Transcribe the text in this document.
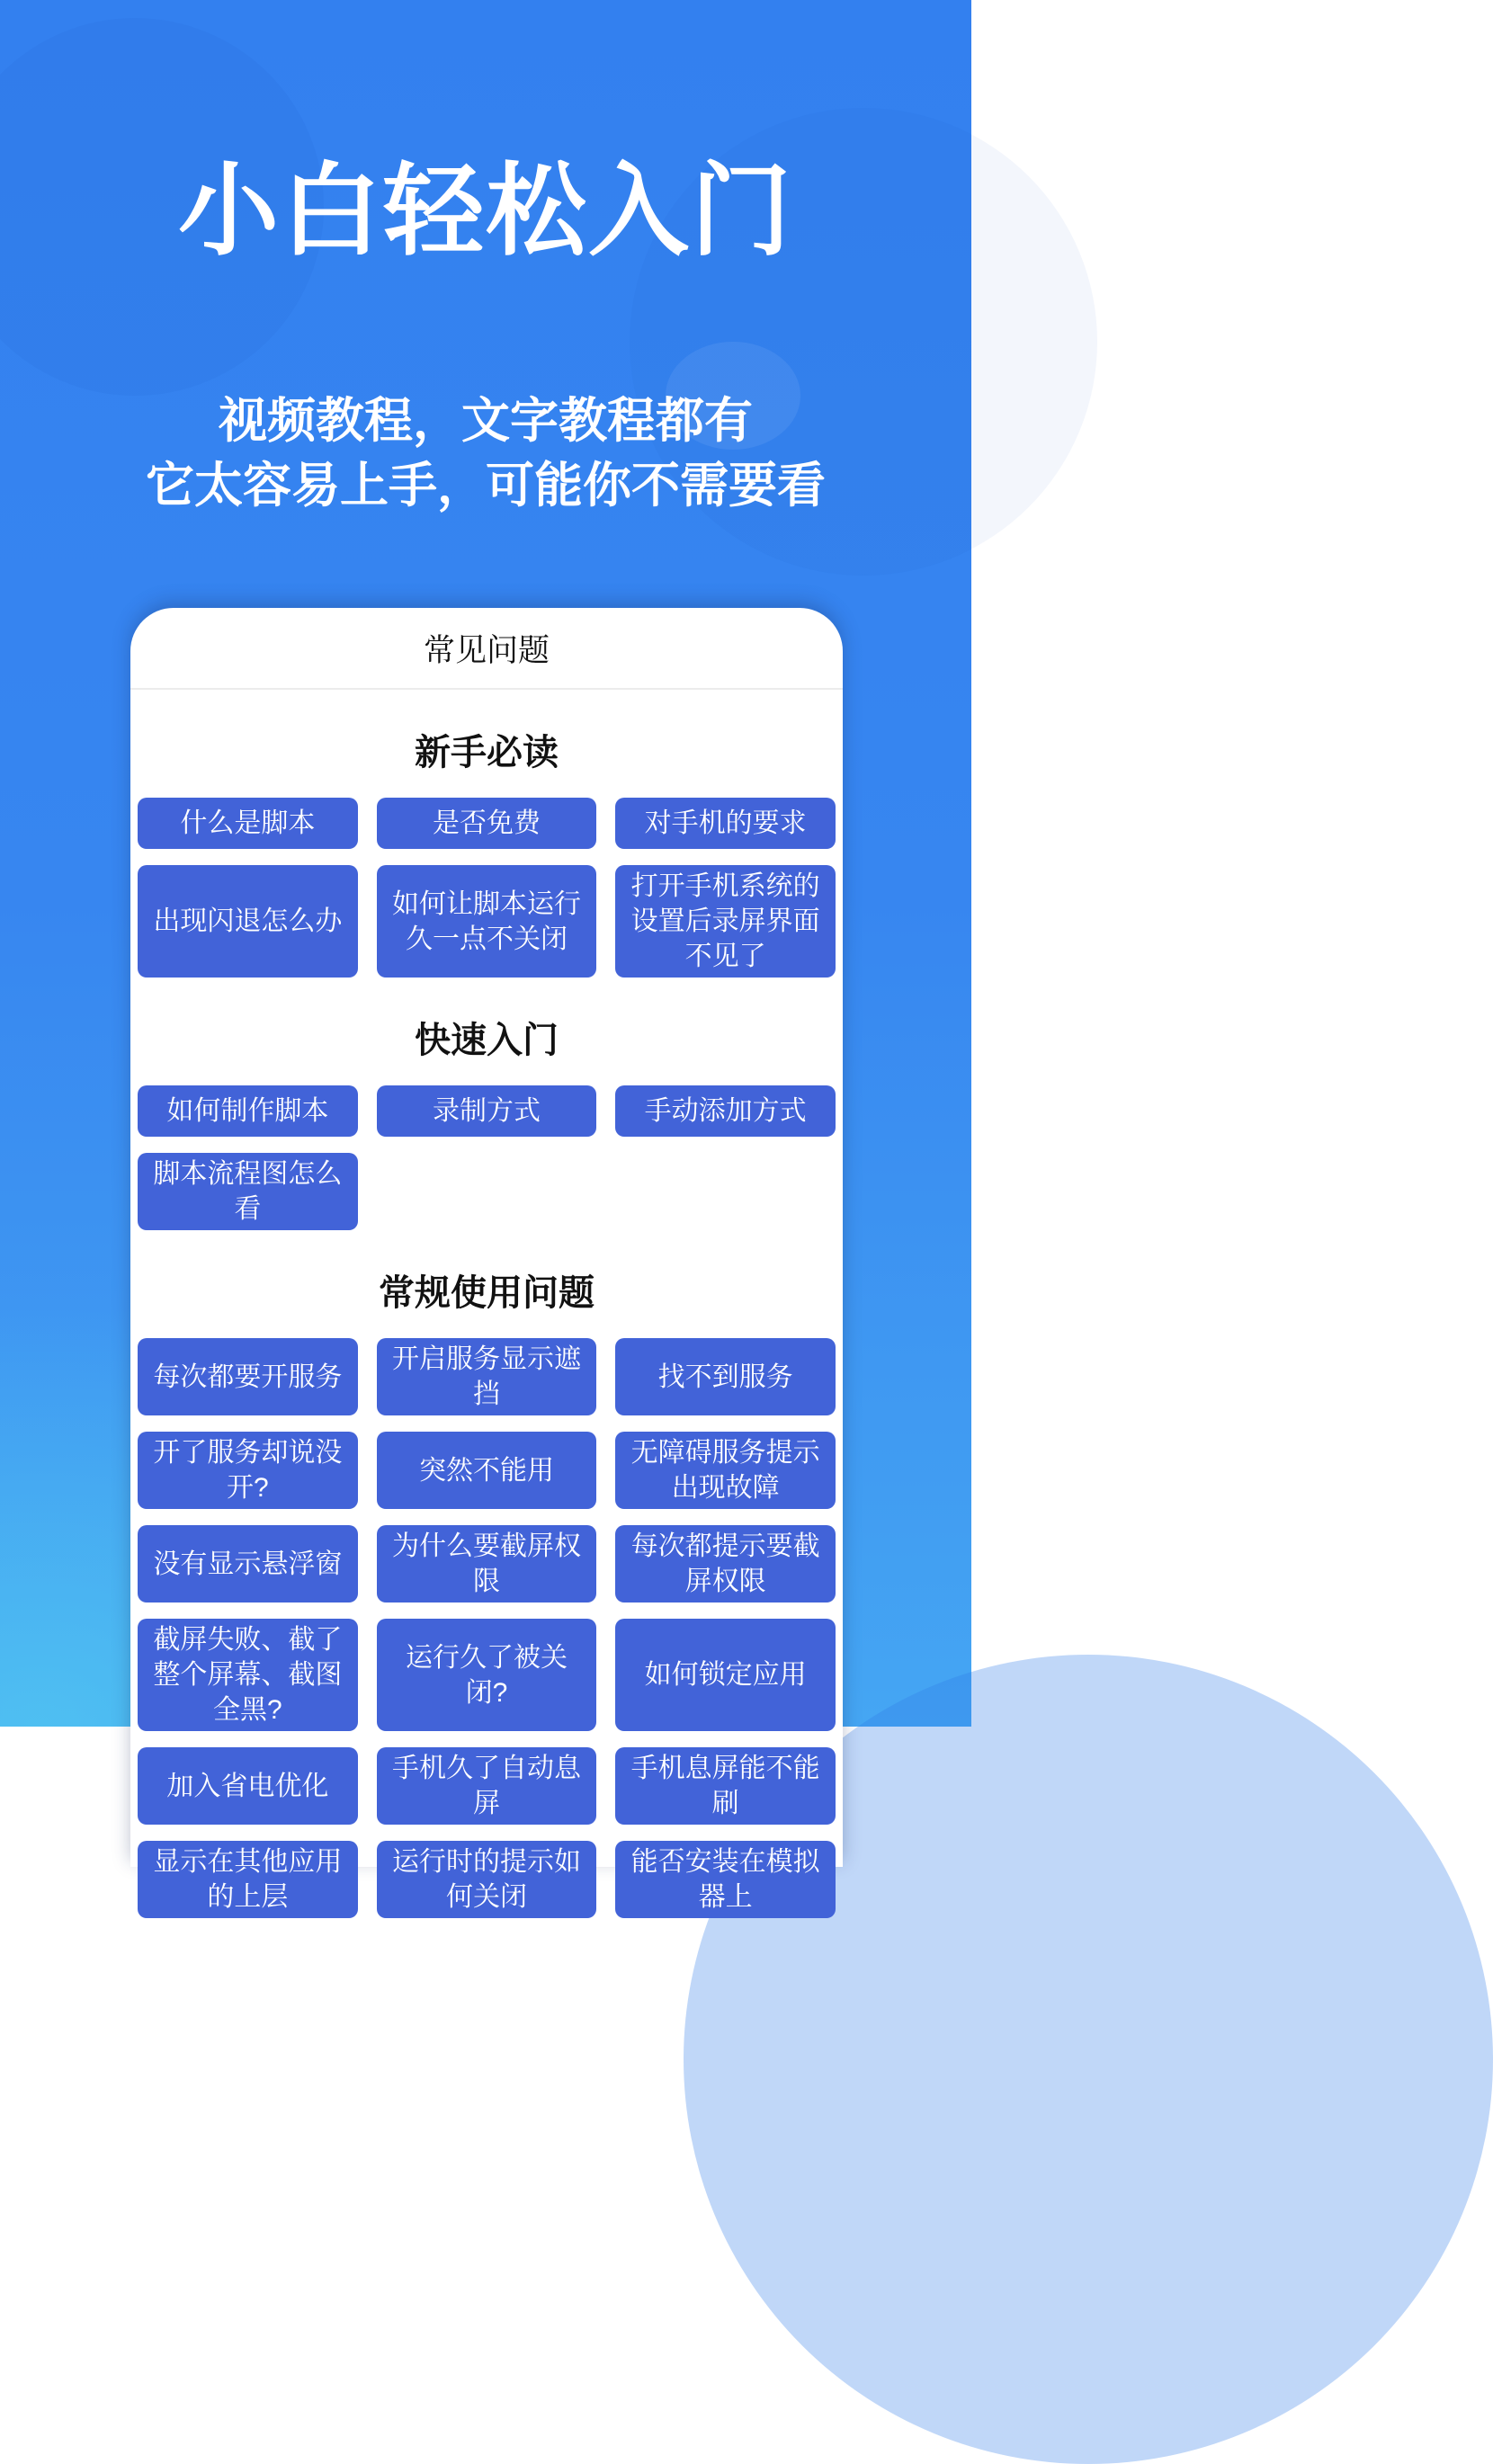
小白轻松入门
视频教程，文字教程都有
它太容易上手，可能你不需要看
常见问题
新手必读
什么是脚本	是否免费	对手机的要求
出现闪退怎么办
如何让脚本运行久一点不关闭
打开手机系统的设置后录屏界面不见了
快速入门
如何制作脚本	录制方式	手动添加方式
脚本流程图怎么看
常规使用问题
每次都要开服务
开启服务显示遮挡
找不到服务
开了服务却说没开?
突然不能用
无障碍服务提示出现故障
没有显示悬浮窗
为什么要截屏权限
每次都提示要截屏权限
截屏失败、截了整个屏幕、截图全黑?
运行久了被关闭?
如何锁定应用
加入省电优化
手机久了自动息屏
手机息屏能不能刷
显示在其他应用的上层
运行时的提示如何关闭
能否安装在模拟器上
